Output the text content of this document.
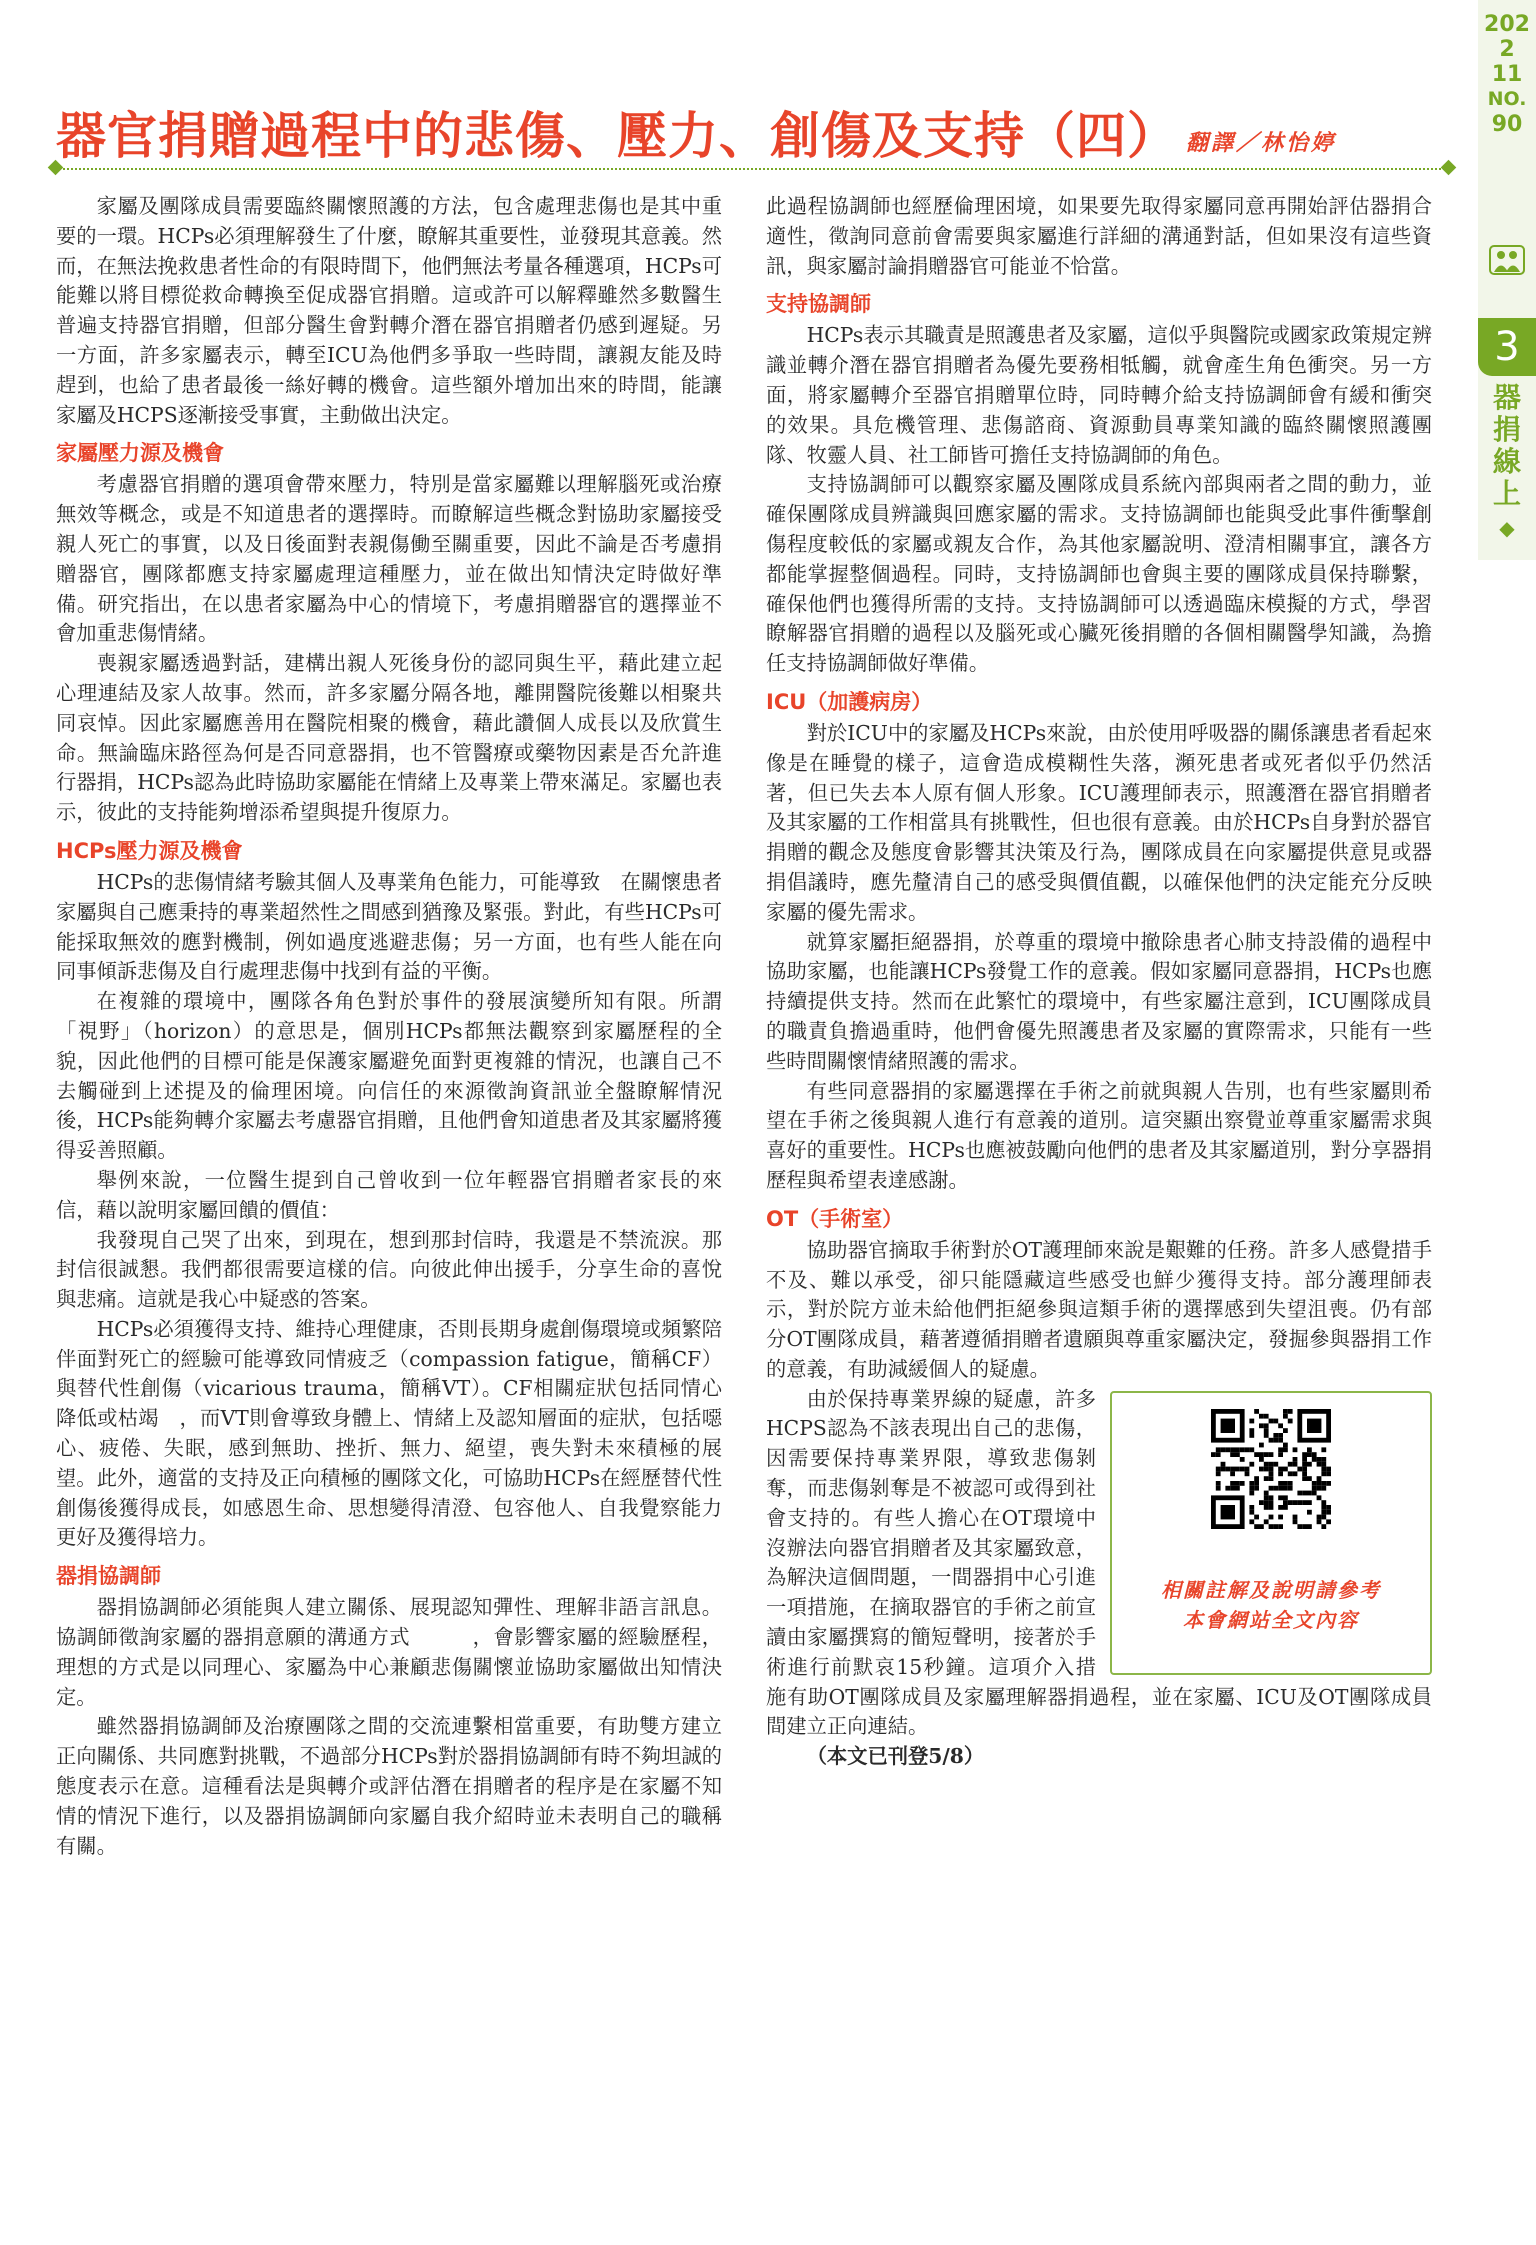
2022
11
NO.
90
3
器捐線上
◆
器官捐贈過程中的悲傷、壓力、創傷及支持（四） 翻譯／林怡婷

家屬及團隊成員需要臨終關懷照護的方法，包含處理悲傷也是其中重要的一環。HCPs必須理解發生了什麼，瞭解其重要性，並發現其意義。然而，在無法挽救患者性命的有限時間下，他們無法考量各種選項，HCPs可能難以將目標從救命轉換至促成器官捐贈。這或許可以解釋雖然多數醫生普遍支持器官捐贈，但部分醫生會對轉介潛在器官捐贈者仍感到遲疑。另一方面，許多家屬表示，轉至ICU為他們多爭取一些時間，讓親友能及時趕到，也給了患者最後一絲好轉的機會。這些額外增加出來的時間，能讓家屬及HCPS逐漸接受事實，主動做出決定。

家屬壓力源及機會

考慮器官捐贈的選項會帶來壓力，特別是當家屬難以理解腦死或治療無效等概念，或是不知道患者的選擇時。而瞭解這些概念對協助家屬接受親人死亡的事實，以及日後面對表親傷働至關重要，因此不論是否考慮捐贈器官，團隊都應支持家屬處理這種壓力，並在做出知情決定時做好準備。研究指出，在以患者家屬為中心的情境下，考慮捐贈器官的選擇並不會加重悲傷情緒。

喪親家屬透過對話，建構出親人死後身份的認同與生平，藉此建立起心理連結及家人故事。然而，許多家屬分隔各地，離開醫院後難以相聚共同哀悼。因此家屬應善用在醫院相聚的機會，藉此讚個人成長以及欣賞生命。無論臨床路徑為何是否同意器捐，也不管醫療或藥物因素是否允許進行器捐，HCPs認為此時協助家屬能在情緒上及專業上帶來滿足。家屬也表示，彼此的支持能夠增添希望與提升復原力。

HCPs壓力源及機會

HCPs的悲傷情緒考驗其個人及專業角色能力，可能導致　在關懷患者家屬與自己應秉持的專業超然性之間感到猶豫及緊張。對此，有些HCPs可能採取無效的應對機制，例如過度逃避悲傷；另一方面，也有些人能在向同事傾訴悲傷及自行處理悲傷中找到有益的平衡。

在複雜的環境中，團隊各角色對於事件的發展演變所知有限。所謂「視野」（horizon）的意思是，個別HCPs都無法觀察到家屬歷程的全貌，因此他們的目標可能是保護家屬避免面對更複雜的情況，也讓自己不去觸碰到上述提及的倫理困境。向信任的來源徵詢資訊並全盤瞭解情況後，HCPs能夠轉介家屬去考慮器官捐贈，且他們會知道患者及其家屬將獲得妥善照顧。

舉例來說，一位醫生提到自己曾收到一位年輕器官捐贈者家長的來信，藉以說明家屬回饋的價值：

我發現自己哭了出來，到現在，想到那封信時，我還是不禁流淚。那封信很誠懇。我們都很需要這樣的信。向彼此伸出援手，分享生命的喜悅與悲痛。這就是我心中疑惑的答案。

HCPs必須獲得支持、維持心理健康，否則長期身處創傷環境或頻繁陪伴面對死亡的經驗可能導致同情疲乏（compassion fatigue，簡稱CF）與替代性創傷（vicarious trauma，簡稱VT）。CF相關症狀包括同情心降低或枯竭　，而VT則會導致身體上、情緒上及認知層面的症狀，包括噁心、疲倦、失眠，感到無助、挫折、無力、絕望，喪失對未來積極的展望。此外，適當的支持及正向積極的團隊文化，可協助HCPs在經歷替代性創傷後獲得成長，如感恩生命、思想變得清澄、包容他人、自我覺察能力更好及獲得培力。

器捐協調師

器捐協調師必須能與人建立關係、展現認知彈性、理解非語言訊息。協調師徵詢家屬的器捐意願的溝通方式　　　，會影響家屬的經驗歷程，理想的方式是以同理心、家屬為中心兼顧悲傷關懷並協助家屬做出知情決定。

雖然器捐協調師及治療團隊之間的交流連繫相當重要，有助雙方建立正向關係、共同應對挑戰，不過部分HCPs對於器捐協調師有時不夠坦誠的態度表示在意。這種看法是與轉介或評估潛在捐贈者的程序是在家屬不知情的情況下進行，以及器捐協調師向家屬自我介紹時並未表明自己的職稱有關。

此過程協調師也經歷倫理困境，如果要先取得家屬同意再開始評估器捐合適性，徵詢同意前會需要與家屬進行詳細的溝通對話，但如果沒有這些資訊，與家屬討論捐贈器官可能並不恰當。

支持協調師

HCPs表示其職責是照護患者及家屬，這似乎與醫院或國家政策規定辨識並轉介潛在器官捐贈者為優先要務相牴觸，就會產生角色衝突。另一方面，將家屬轉介至器官捐贈單位時，同時轉介給支持協調師會有緩和衝突的效果。具危機管理、悲傷諮商、資源動員專業知識的臨終關懷照護團隊、牧靈人員、社工師皆可擔任支持協調師的角色。

支持協調師可以觀察家屬及團隊成員系統內部與兩者之間的動力，並確保團隊成員辨識與回應家屬的需求。支持協調師也能與受此事件衝擊創傷程度較低的家屬或親友合作，為其他家屬說明、澄清相關事宜，讓各方都能掌握整個過程。同時，支持協調師也會與主要的團隊成員保持聯繫，確保他們也獲得所需的支持。支持協調師可以透過臨床模擬的方式，學習瞭解器官捐贈的過程以及腦死或心臟死後捐贈的各個相關醫學知識，為擔任支持協調師做好準備。

ICU（加護病房）

對於ICU中的家屬及HCPs來說，由於使用呼吸器的關係讓患者看起來像是在睡覺的樣子，這會造成模糊性失落，瀕死患者或死者似乎仍然活著，但已失去本人原有個人形象。ICU護理師表示，照護潛在器官捐贈者及其家屬的工作相當具有挑戰性，但也很有意義。由於HCPs自身對於器官捐贈的觀念及態度會影響其決策及行為，團隊成員在向家屬提供意見或器捐倡議時，應先釐清自己的感受與價值觀，以確保他們的決定能充分反映家屬的優先需求。

就算家屬拒絕器捐，於尊重的環境中撤除患者心肺支持設備的過程中協助家屬，也能讓HCPs發覺工作的意義。假如家屬同意器捐，HCPs也應持續提供支持。然而在此繁忙的環境中，有些家屬注意到，ICU團隊成員的職責負擔過重時，他們會優先照護患者及家屬的實際需求，只能有一些些時間關懷情緒照護的需求。

有些同意器捐的家屬選擇在手術之前就與親人告別，也有些家屬則希望在手術之後與親人進行有意義的道別。這突顯出察覺並尊重家屬需求與喜好的重要性。HCPs也應被鼓勵向他們的患者及其家屬道別，對分享器捐歷程與希望表達感謝。

OT（手術室）

協助器官摘取手術對於OT護理師來說是艱難的任務。許多人感覺措手不及、難以承受，卻只能隱藏這些感受也鮮少獲得支持。部分護理師表示，對於院方並未給他們拒絕參與這類手術的選擇感到失望沮喪。仍有部分OT團隊成員，藉著遵循捐贈者遺願與尊重家屬決定，發掘參與器捐工作的意義，有助減緩個人的疑慮。

相關註解及說明請參考
本會網站全文內容

由於保持專業界線的疑慮，許多HCPS認為不該表現出自己的悲傷，因需要保持專業界限，導致悲傷剝奪，而悲傷剝奪是不被認可或得到社會支持的。有些人擔心在OT環境中沒辦法向器官捐贈者及其家屬致意，為解決這個問題，一間器捐中心引進一項措施，在摘取器官的手術之前宣讀由家屬撰寫的簡短聲明，接著於手術進行前默哀15秒鐘。這項介入措施有助OT團隊成員及家屬理解器捐過程，並在家屬、ICU及OT團隊成員間建立正向連結。

（本文已刊登5/8）
